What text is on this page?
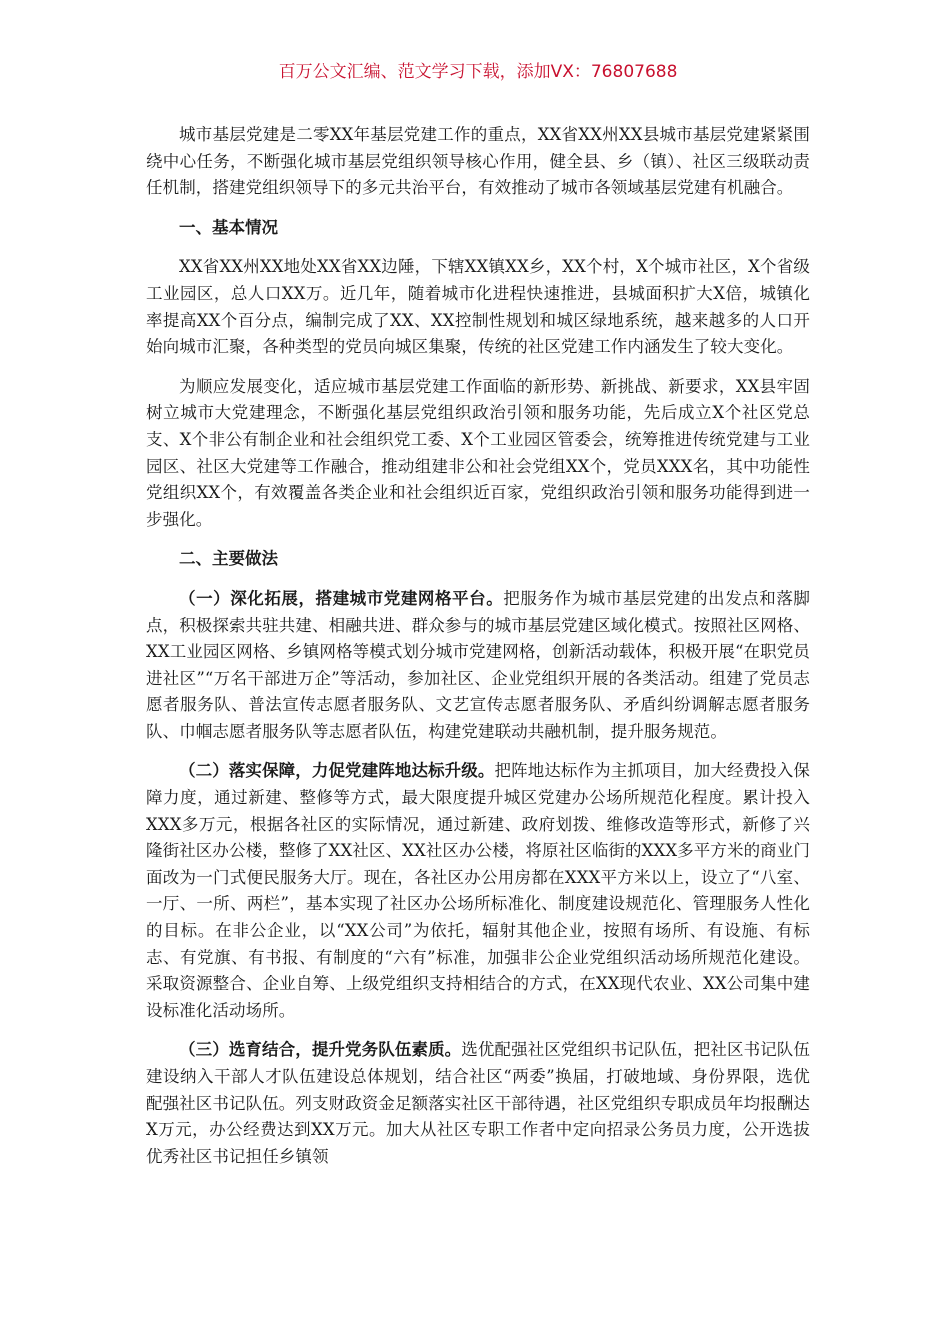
百万公文汇编、范文学习下载，添加VX：76807688

城市基层党建是二零XX年基层党建工作的重点，XX省XX州XX县城市基层党建紧紧围绕中心任务，不断强化城市基层党组织领导核心作用，健全县、乡（镇）、社区三级联动责任机制，搭建党组织领导下的多元共治平台，有效推动了城市各领域基层党建有机融合。

一、基本情况

XX省XX州XX地处XX省XX边陲，下辖XX镇XX乡，XX个村，X个城市社区，X个省级工业园区，总人口XX万。近几年，随着城市化进程快速推进，县城面积扩大X倍，城镇化率提高XX个百分点，编制完成了XX、XX控制性规划和城区绿地系统，越来越多的人口开始向城市汇聚，各种类型的党员向城区集聚，传统的社区党建工作内涵发生了较大变化。

为顺应发展变化，适应城市基层党建工作面临的新形势、新挑战、新要求，XX县牢固树立城市大党建理念，不断强化基层党组织政治引领和服务功能，先后成立X个社区党总支、X个非公有制企业和社会组织党工委、X个工业园区管委会，统筹推进传统党建与工业园区、社区大党建等工作融合，推动组建非公和社会党组XX个，党员XXX名，其中功能性党组织XX个，有效覆盖各类企业和社会组织近百家，党组织政治引领和服务功能得到进一步强化。

二、主要做法

（一）深化拓展，搭建城市党建网格平台。把服务作为城市基层党建的出发点和落脚点，积极探索共驻共建、相融共进、群众参与的城市基层党建区域化模式。按照社区网格、XX工业园区网格、乡镇网格等模式划分城市党建网格，创新活动载体，积极开展“在职党员进社区”“万名干部进万企”等活动，参加社区、企业党组织开展的各类活动。组建了党员志愿者服务队、普法宣传志愿者服务队、文艺宣传志愿者服务队、矛盾纠纷调解志愿者服务队、巾帼志愿者服务队等志愿者队伍，构建党建联动共融机制，提升服务规范。

（二）落实保障，力促党建阵地达标升级。把阵地达标作为主抓项目，加大经费投入保障力度，通过新建、整修等方式，最大限度提升城区党建办公场所规范化程度。累计投入XXX多万元，根据各社区的实际情况，通过新建、政府划拨、维修改造等形式，新修了兴隆街社区办公楼，整修了XX社区、XX社区办公楼，将原社区临街的XXX多平方米的商业门面改为一门式便民服务大厅。现在，各社区办公用房都在XXX平方米以上，设立了“八室、一厅、一所、两栏”，基本实现了社区办公场所标准化、制度建设规范化、管理服务人性化的目标。在非公企业，以“XX公司”为依托，辐射其他企业，按照有场所、有设施、有标志、有党旗、有书报、有制度的“六有”标准，加强非公企业党组织活动场所规范化建设。采取资源整合、企业自筹、上级党组织支持相结合的方式，在XX现代农业、XX公司集中建设标准化活动场所。

（三）选育结合，提升党务队伍素质。选优配强社区党组织书记队伍，把社区书记队伍建设纳入干部人才队伍建设总体规划，结合社区“两委”换届，打破地域、身份界限，选优配强社区书记队伍。列支财政资金足额落实社区干部待遇，社区党组织专职成员年均报酬达X万元，办公经费达到XX万元。加大从社区专职工作者中定向招录公务员力度，公开选拔优秀社区书记担任乡镇领
